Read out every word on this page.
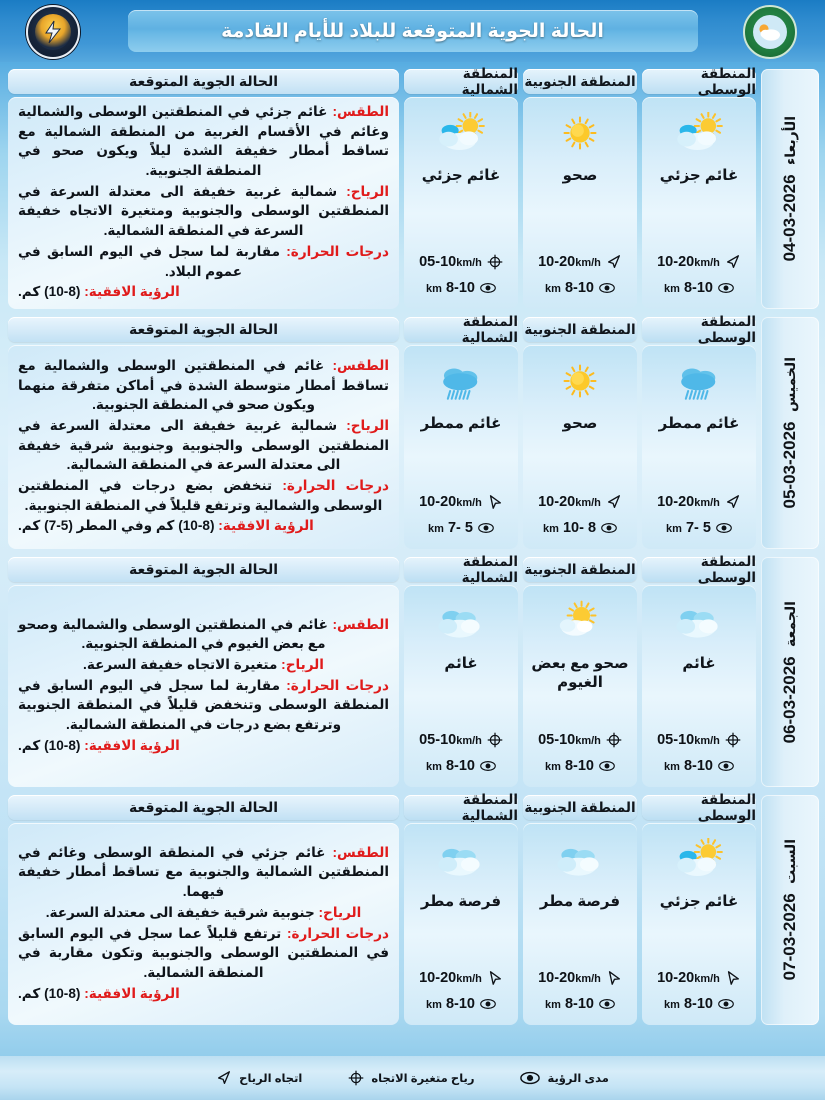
الحالة الجوية المتوقعة للبلاد للأيام القادمة
الأربعاء  2026-03-04
المنطقة الوسطى
غائم جزئي
10-20km/h
8-10 km
المنطقة الجنوبية
صحو
10-20km/h
8-10 km
المنطقة الشمالية
غائم جزئي
05-10km/h
8-10 km
الحالة الجوية المتوقعة

الطقس: غائم جزئي في المنطقتين الوسطى والشمالية وغائم في الأقسام الغربية من المنطقة الشمالية مع تساقط أمطار خفيفة الشدة ليلاً ويكون صحو في المنطقة الجنوبية.

الرياح: شمالية غربية خفيفة الى معتدلة السرعة في المنطقتين الوسطى والجنوبية ومتغيرة الاتجاه خفيفة السرعة في المنطقة الشمالية.

درجات الحرارة: مقاربة لما سجل في اليوم السابق في عموم البلاد.

الرؤية الافقية: (8-10) كم.

الخميس  2026-03-05
المنطقة الوسطى
غائم ممطر
10-20km/h
5 -7 km
المنطقة الجنوبية
صحو
10-20km/h
8 -10 km
المنطقة الشمالية
غائم ممطر
10-20km/h
5 -7 km
الحالة الجوية المتوقعة

الطقس: غائم في المنطقتين الوسطى والشمالية مع تساقط أمطار متوسطة الشدة في أماكن متفرقة منهما ويكون صحو في المنطقة الجنوبية.

الرياح: شمالية غربية خفيفة الى معتدلة السرعة في المنطقتين الوسطى والجنوبية وجنوبية شرقية خفيفة الى معتدلة السرعة في المنطقة الشمالية.

درجات الحرارة: تنخفض بضع درجات في المنطقتين الوسطى والشمالية وترتفع قليلاً في المنطقة الجنوبية.

الرؤية الافقية: (8-10) كم وفي المطر (5-7) كم.

الجمعة  2026-03-06
المنطقة الوسطى
غائم
05-10km/h
8-10 km
المنطقة الجنوبية
صحو مع بعض الغيوم
05-10km/h
8-10 km
المنطقة الشمالية
غائم
05-10km/h
8-10 km
الحالة الجوية المتوقعة

الطقس: غائم في المنطقتين الوسطى والشمالية وصحو مع بعض الغيوم في المنطقة الجنوبية.

الرياح: متغيرة الاتجاه خفيفة السرعة.

درجات الحرارة: مقاربة لما سجل في اليوم السابق في المنطقة الوسطى وتنخفض قليلاً في المنطقة الجنوبية وترتفع بضع درجات في المنطقة الشمالية.

الرؤية الافقية: (8-10) كم.

السبت  2026-03-07
المنطقة الوسطى
غائم جزئي
10-20km/h
8-10 km
المنطقة الجنوبية
فرصة مطر
10-20km/h
8-10 km
المنطقة الشمالية
فرصة مطر
10-20km/h
8-10 km
الحالة الجوية المتوقعة

الطقس: غائم جزئي في المنطقة الوسطى وغائم في المنطقتين الشمالية والجنوبية مع تساقط أمطار خفيفة فيهما.

الرياح: جنوبية شرقية خفيفة الى معتدلة السرعة.

درجات الحرارة: ترتفع قليلاً عما سجل في اليوم السابق في المنطقتين الوسطى والجنوبية وتكون مقاربة في المنطقة الشمالية.

الرؤية الافقية: (8-10) كم.

مدى الرؤية
رياح متغيرة الاتجاه
اتجاه الرياح
